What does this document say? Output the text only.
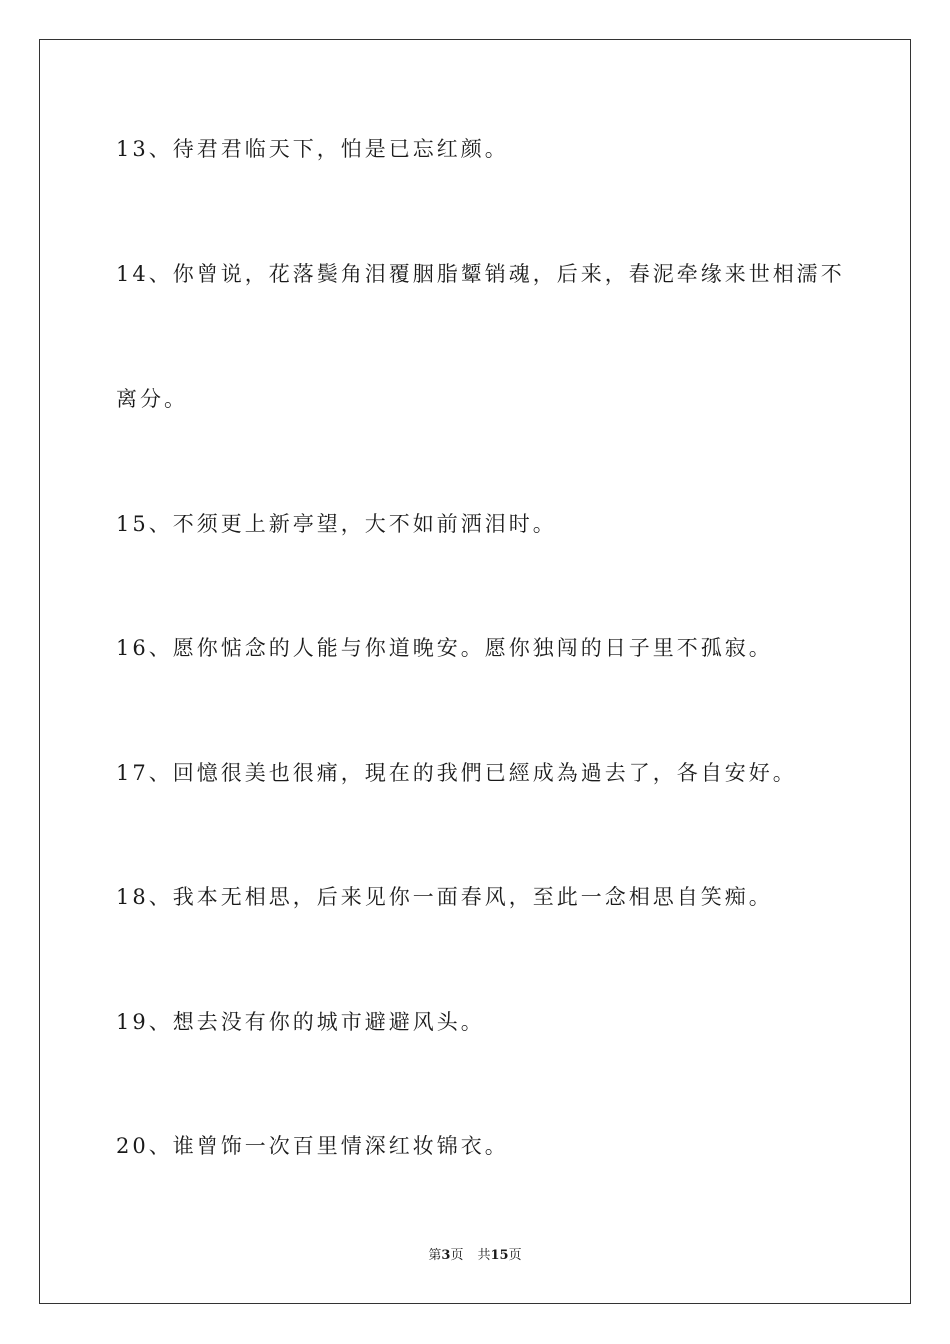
13、待君君临天下，怕是已忘红颜。
14、你曾说，花落鬓角泪覆胭脂颦销魂，后来，春泥牵缘来世相濡不
离分。
15、不须更上新亭望，大不如前洒泪时。
16、愿你惦念的人能与你道晚安。愿你独闯的日子里不孤寂。
17、回憶很美也很痛，現在的我們已經成為過去了，各自安好。
18、我本无相思，后来见你一面春风，至此一念相思自笑痴。
19、想去没有你的城市避避风头。
20、谁曾饰一次百里情深红妆锦衣。
第3页 共15页
